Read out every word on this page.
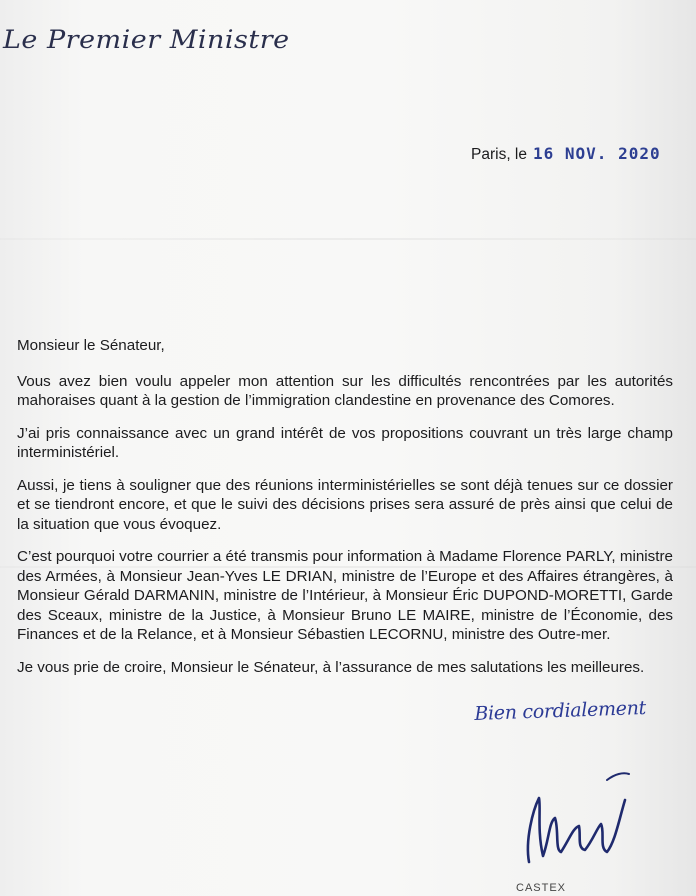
Le Premier Ministre
Paris, le 16 NOV. 2020

Monsieur le Sénateur,

Vous avez bien voulu appeler mon attention sur les difficultés rencontrées par les autorités mahoraises quant à la gestion de l’immigration clandestine en provenance des Comores.

J’ai pris connaissance avec un grand intérêt de vos propositions couvrant un très large champ interministériel.

Aussi, je tiens à souligner que des réunions interministérielles se sont déjà tenues sur ce dossier et se tiendront encore, et que le suivi des décisions prises sera assuré de près ainsi que celui de la situation que vous évoquez.

C’est pourquoi votre courrier a été transmis pour information à Madame Florence PARLY, ministre des Armées, à Monsieur Jean-Yves LE DRIAN, ministre de l’Europe et des Affaires étrangères, à Monsieur Gérald DARMANIN, ministre de l’Intérieur, à Monsieur Éric DUPOND-MORETTI, Garde des Sceaux, ministre de la Justice, à Monsieur Bruno LE MAIRE, ministre de l’Économie, des Finances et de la Relance, et à Monsieur Sébastien LECORNU, ministre des Outre-mer.

Je vous prie de croire, Monsieur le Sénateur, à l’assurance de mes salutations les meilleures.

Bien cordialement
CASTEX
